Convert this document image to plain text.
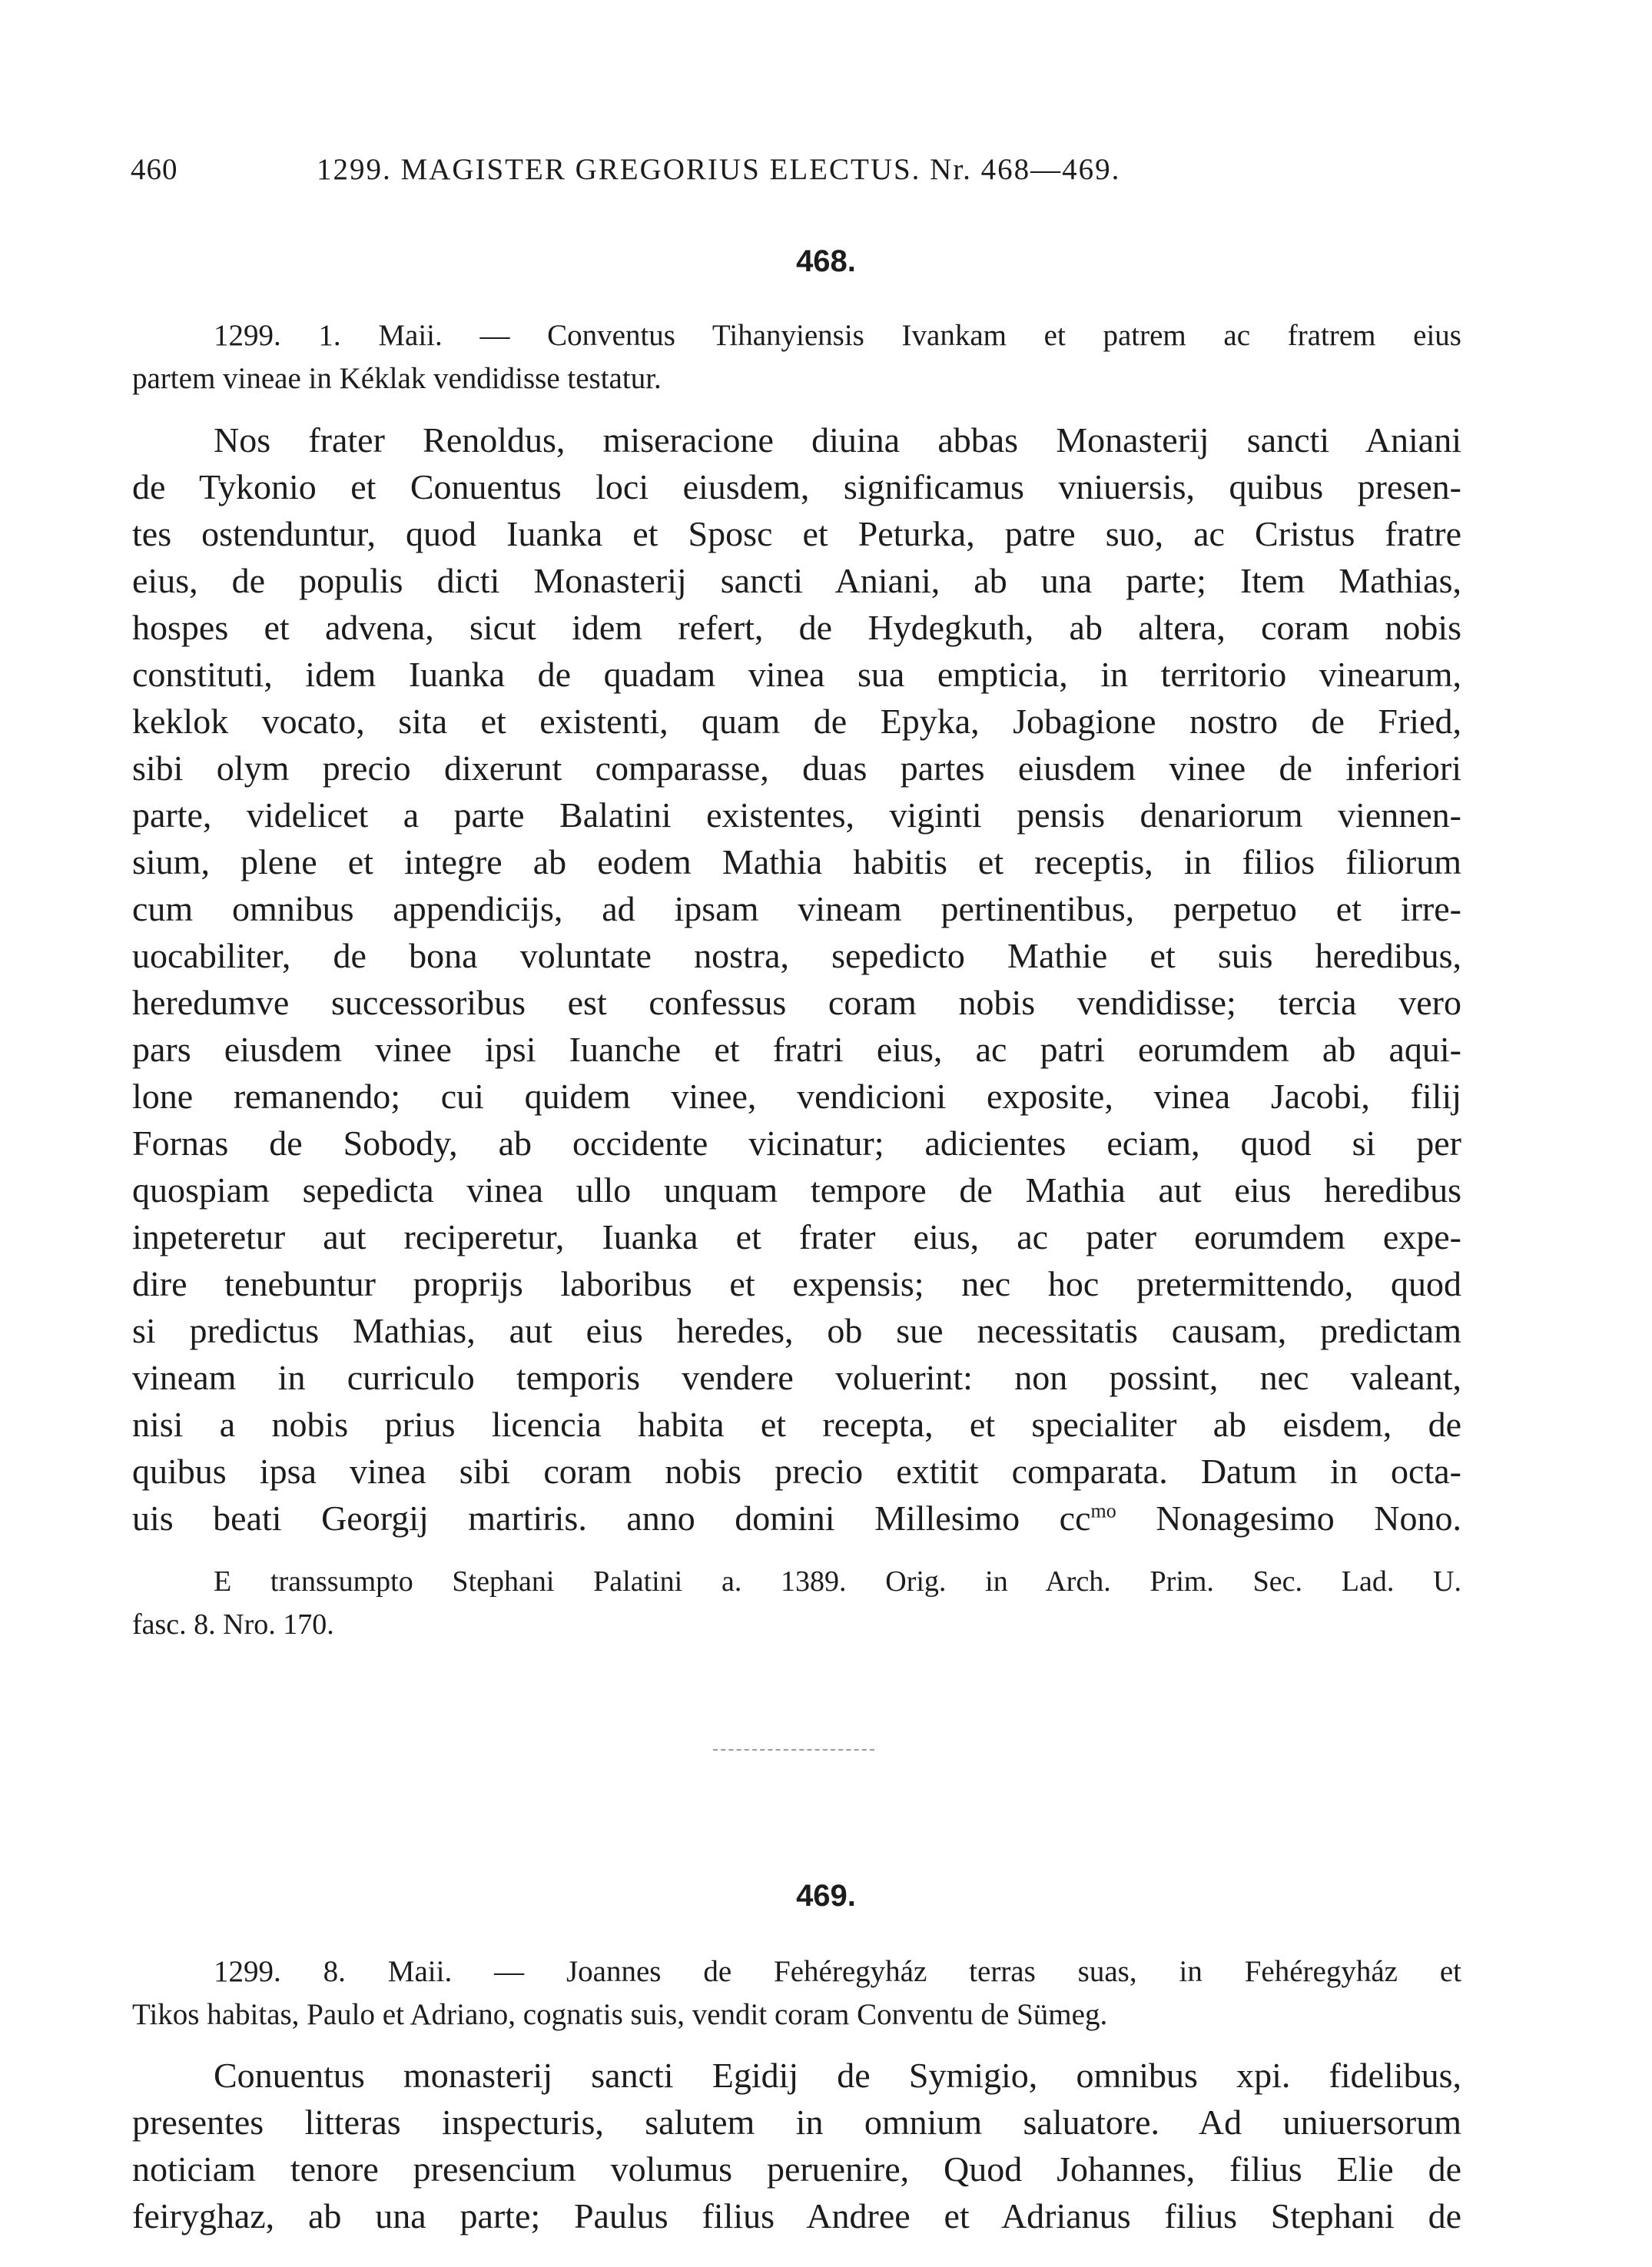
460	1299. MAGISTER GREGORIUS ELECTUS. Nr. 468—469.
468.
1299. 1. Maii. — Conventus Tihanyiensis Ivankam et patrem ac fratrem eius
partem vineae in Kéklak vendidisse testatur.
Nos frater Renoldus, miseracione diuina abbas Monasterij sancti Aniani
de Tykonio et Conuentus loci eiusdem, significamus vniuersis, quibus presen-
tes ostenduntur, quod Iuanka et Sposc et Peturka, patre suo, ac Cristus fratre
eius, de populis dicti Monasterij sancti Aniani, ab una parte; Item Mathias,
hospes et advena, sicut idem refert, de Hydegkuth, ab altera, coram nobis
constituti, idem Iuanka de quadam vinea sua empticia, in territorio vinearum,
keklok vocato, sita et existenti, quam de Epyka, Jobagione nostro de Fried,
sibi olym precio dixerunt comparasse, duas partes eiusdem vinee de inferiori
parte, videlicet a parte Balatini existentes, viginti pensis denariorum viennen-
sium, plene et integre ab eodem Mathia habitis et receptis, in filios filiorum
cum omnibus appendicijs, ad ipsam vineam pertinentibus, perpetuo et irre-
uocabiliter, de bona voluntate nostra, sepedicto Mathie et suis heredibus,
heredumve successoribus est confessus coram nobis vendidisse; tercia vero
pars eiusdem vinee ipsi Iuanche et fratri eius, ac patri eorumdem ab aqui-
lone remanendo; cui quidem vinee, vendicioni exposite, vinea Jacobi, filij
Fornas de Sobody, ab occidente vicinatur; adicientes eciam, quod si per
quospiam sepedicta vinea ullo unquam tempore de Mathia aut eius heredibus
inpeteretur aut reciperetur, Iuanka et frater eius, ac pater eorumdem expe-
dire tenebuntur proprijs laboribus et expensis; nec hoc pretermittendo, quod
si predictus Mathias, aut eius heredes, ob sue necessitatis causam, predictam
vineam in curriculo temporis vendere voluerint: non possint, nec valeant,
nisi a nobis prius licencia habita et recepta, et specialiter ab eisdem, de
quibus ipsa vinea sibi coram nobis precio extitit comparata. Datum in octa-
uis beati Georgij martiris. anno domini Millesimo $cc^{mo}$ Nonagesimo Nono.
E transsumpto Stephani Palatini a. 1389. Orig. in Arch. Prim. Sec. Lad. U.
fasc. 8. Nro. 170.
469.
1299. 8. Maii. — Joannes de Fehéregyház terras suas, in Fehéregyház et
Tikos habitas, Paulo et Adriano, cognatis suis, vendit coram Conventu de Sümeg.
Conuentus monasterij sancti Egidij de Symigio, omnibus xpi. fidelibus,
presentes litteras inspecturis, salutem in omnium saluatore. Ad uniuersorum
noticiam tenore presencium volumus peruenire, Quod Johannes, filius Elie de
feiryghaz, ab una parte; Paulus filius Andree et Adrianus filius Stephani de
